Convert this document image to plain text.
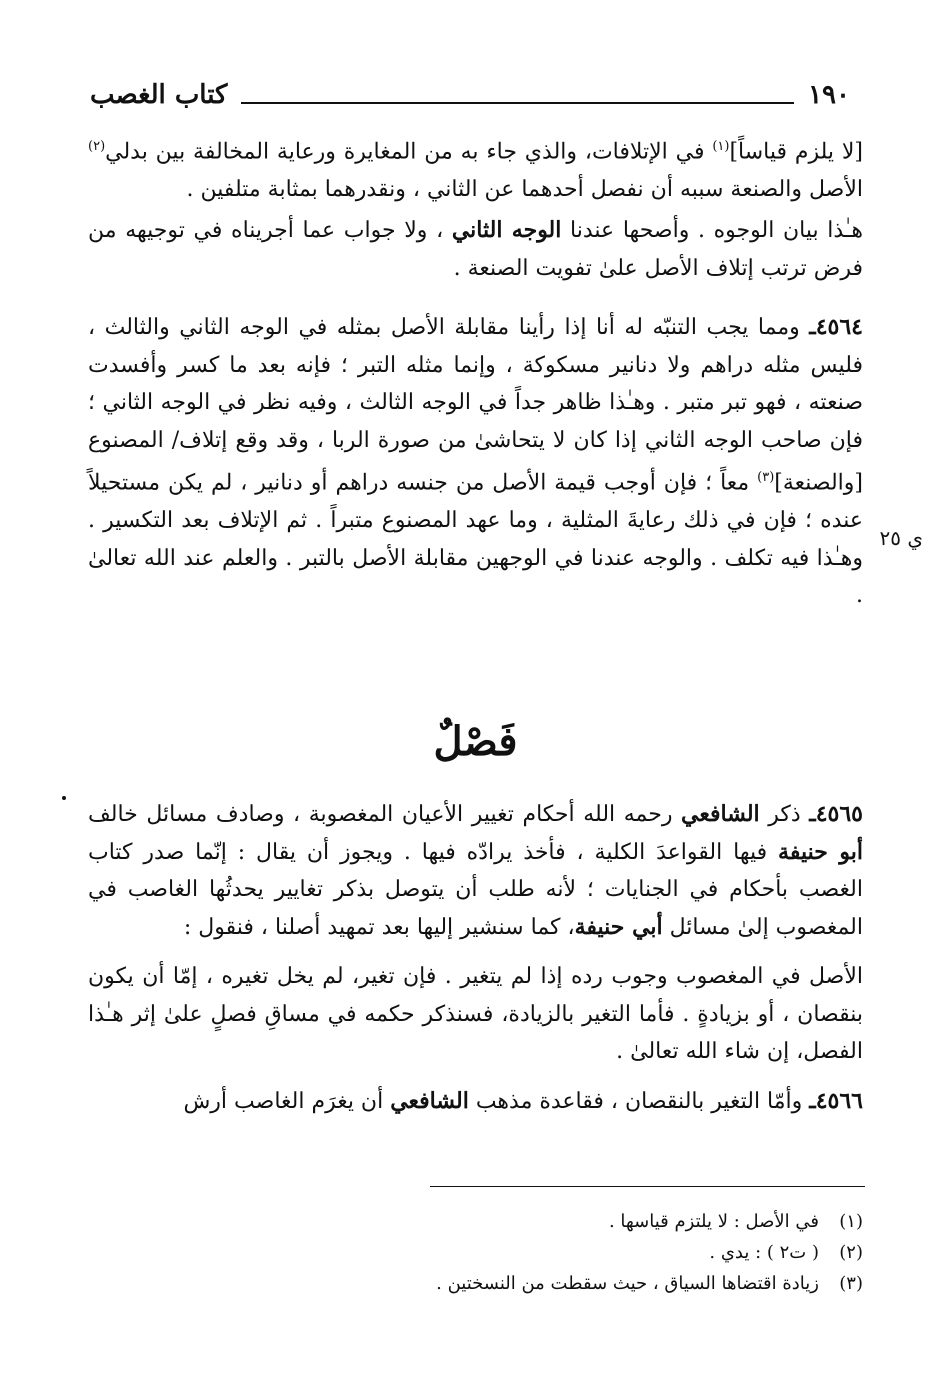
١٩٠
كتاب الغصب

[لا يلزم قياساً]$^{(١)}$ في الإتلافات، والذي جاء به من المغايرة ورعاية المخالفة بين بدلي$^{(٢)}$ الأصل والصنعة سببه أن نفصل أحدهما عن الثاني ، ونقدرهما بمثابة متلفين .

هـٰذا بيان الوجوه . وأصحها عندنا الوجه الثاني ، ولا جواب عما أجريناه في توجيهه من فرض ترتب إتلاف الأصل علىٰ تفويت الصنعة .

٤٥٦٤ـ ومما يجب التنبّه له أنا إذا رأينا مقابلة الأصل بمثله في الوجه الثاني والثالث ، فليس مثله دراهم ولا دنانير مسكوكة ، وإنما مثله التبر ؛ فإنه بعد ما كسر وأفسدت صنعته ، فهو تبر متبر . وهـٰذا ظاهر جداً في الوجه الثالث ، وفيه نظر في الوجه الثاني ؛ فإن صاحب الوجه الثاني إذا كان لا يتحاشىٰ من صورة الربا ، وقد وقع إتلاف/ المصنوع [والصنعة]$^{(٣)}$ معاً ؛ فإن أوجب قيمة الأصل من جنسه دراهم أو دنانير ، لم يكن مستحيلاً عنده ؛ فإن في ذلك رعايةَ المثلية ، وما عهد المصنوع متبراً . ثم الإتلاف بعد التكسير . وهـٰذا فيه تكلف . والوجه عندنا في الوجهين مقابلة الأصل بالتبر . والعلم عند الله تعالىٰ .

ي ٢٥
فَصْلٌ

٤٥٦٥ـ ذكر الشافعي رحمه الله أحكام تغيير الأعيان المغصوبة ، وصادف مسائل خالف أبو حنيفة فيها القواعدَ الكلية ، فأخذ يرادّه فيها . ويجوز أن يقال : إنّما صدر كتاب الغصب بأحكام في الجنايات ؛ لأنه طلب أن يتوصل بذكر تغايير يحدثُها الغاصب في المغصوب إلىٰ مسائل أبي حنيفة، كما سنشير إليها بعد تمهيد أصلنا ، فنقول :

الأصل في المغصوب وجوب رده إذا لم يتغير . فإن تغير، لم يخل تغيره ، إمّا أن يكون بنقصان ، أو بزيادةٍ . فأما التغير بالزيادة، فسنذكر حكمه في مساقِ فصلٍ علىٰ إثر هـٰذا الفصل، إن شاء الله تعالىٰ .

٤٥٦٦ـ وأمّا التغير بالنقصان ، فقاعدة مذهب الشافعي أن يغرَم الغاصب أرش

(١)
في الأصل : لا يلتزم قياسها .
(٢)
( ت٢ ) : يدي .
(٣)
زيادة اقتضاها السياق ، حيث سقطت من النسختين .
